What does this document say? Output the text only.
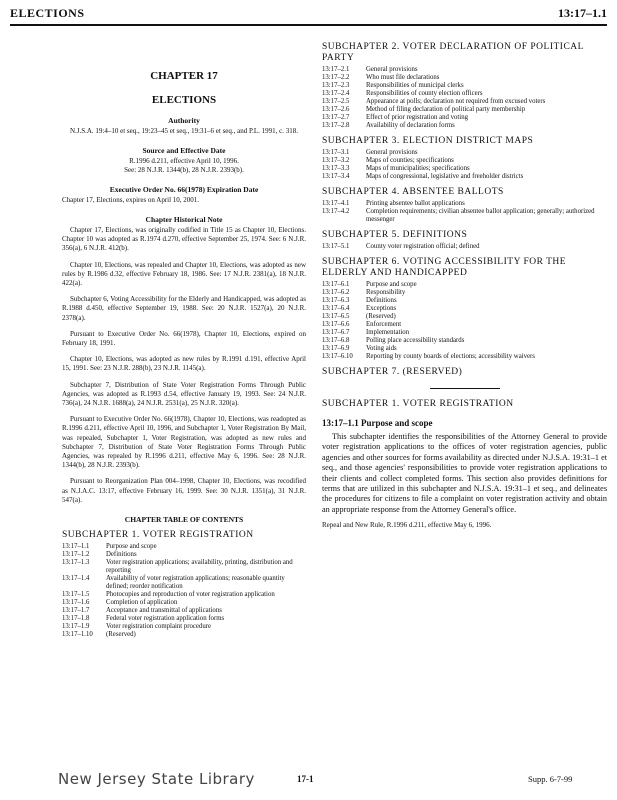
ELECTIONS	13:17–1.1

CHAPTER 17

ELECTIONS

Authority

N.J.S.A. 19:4–10 et seq., 19:23–45 et seq., 19:31–6 et seq., and P.L. 1991, c. 318.

Source and Effective Date

R.1996 d.211, effective April 10, 1996.

See: 28 N.J.R. 1344(b), 28 N.J.R. 2393(b).

Executive Order No. 66(1978) Expiration Date

Chapter 17, Elections, expires on April 10, 2001.

Chapter Historical Note

Chapter 17, Elections, was originally codified in Title 15 as Chapter 10, Elections. Chapter 10 was adopted as R.1974 d.270, effective September 25, 1974. See: 6 N.J.R. 356(a), 6 N.J.R. 412(b).

Chapter 10, Elections, was repealed and Chapter 10, Elections, was adopted as new rules by R.1986 d.32, effective February 18, 1986. See: 17 N.J.R. 2381(a), 18 N.J.R. 422(a).

Subchapter 6, Voting Accessibility for the Elderly and Handicapped, was adopted as R.1988 d.450, effective September 19, 1988. See: 20 N.J.R. 1527(a), 20 N.J.R. 2378(a).

Pursuant to Executive Order No. 66(1978), Chapter 10, Elections, expired on February 18, 1991.

Chapter 10, Elections, was adopted as new rules by R.1991 d.191, effective April 15, 1991. See: 23 N.J.R. 288(b), 23 N.J.R. 1145(a).

Subchapter 7, Distribution of State Voter Registration Forms Through Public Agencies, was adopted as R.1993 d.54, effective January 19, 1993. See: 24 N.J.R. 736(a), 24 N.J.R. 1688(a), 24 N.J.R. 2531(a), 25 N.J.R. 320(a).

Pursuant to Executive Order No. 66(1978), Chapter 10, Elections, was readopted as R.1996 d.211, effective April 10, 1996, and Subchapter 1, Voter Registration By Mail, was repealed, Subchapter 1, Voter Registration, was adopted as new rules and Subchapter 7, Distribution of State Voter Registration Forms Through Public Agencies, was repealed by R.1996 d.211, effective May 6, 1996. See: 28 N.J.R. 1344(b), 28 N.J.R. 2393(b).

Pursuant to Reorganization Plan 004–1998, Chapter 10, Elections, was recodified as N.J.A.C. 13:17, effective February 16, 1999. See: 30 N.J.R. 1351(a), 31 N.J.R. 547(a).

CHAPTER TABLE OF CONTENTS

SUBCHAPTER 1. VOTER REGISTRATION

13:17–1.1	Purpose and scope
13:17–1.2	Definitions
13:17–1.3	Voter registration applications; availability, printing, distribution and reporting
13:17–1.4	Availability of voter registration applications; reasonable quantity defined; reorder notification
13:17–1.5	Photocopies and reproduction of voter registration application
13:17–1.6	Completion of application
13:17–1.7	Acceptance and transmittal of applications
13:17–1.8	Federal voter registration application forms
13:17–1.9	Voter registration complaint procedure
13:17–1.10	(Reserved)

SUBCHAPTER 2. VOTER DECLARATION OF POLITICAL PARTY

13:17–2.1	General provisions
13:17–2.2	Who must file declarations
13:17–2.3	Responsibilities of municipal clerks
13:17–2.4	Responsibilities of county election officers
13:17–2.5	Appearance at polls; declaration not required from excused voters
13:17–2.6	Method of filing declaration of political party membership
13:17–2.7	Effect of prior registration and voting
13:17–2.8	Availability of declaration forms

SUBCHAPTER 3. ELECTION DISTRICT MAPS

13:17–3.1	General provisions
13:17–3.2	Maps of counties; specifications
13:17–3.3	Maps of municipalities; specifications
13:17–3.4	Maps of congressional, legislative and freeholder districts

SUBCHAPTER 4. ABSENTEE BALLOTS

13:17–4.1	Printing absentee ballot applications
13:17–4.2	Completion requirements; civilian absentee ballot application; generally; authorized messenger

SUBCHAPTER 5. DEFINITIONS

13:17–5.1	County voter registration official; defined

SUBCHAPTER 6. VOTING ACCESSIBILITY FOR THE ELDERLY AND HANDICAPPED

13:17–6.1	Purpose and scope
13:17–6.2	Responsibility
13:17–6.3	Definitions
13:17–6.4	Exceptions
13:17–6.5	(Reserved)
13:17–6.6	Enforcement
13:17–6.7	Implementation
13:17–6.8	Polling place accessibility standards
13:17–6.9	Voting aids
13:17–6.10	Reporting by county boards of elections; accessibility waivers

SUBCHAPTER 7. (RESERVED)

SUBCHAPTER 1. VOTER REGISTRATION

13:17–1.1 Purpose and scope

This subchapter identifies the responsibilities of the Attorney General to provide voter registration applications to the offices of voter registration agencies, public agencies and other sources for forms availability as directed under N.J.S.A. 19:31–1 et seq., and those agencies' responsibilities to provide voter registration applications to their clients and collect completed forms. This section also provides definitions for terms that are utilized in this subchapter and N.J.S.A. 19:31–1 et seq., and delineates the procedures for citizens to file a complaint on voter registration activity and obtain an appropriate response from the Attorney General's office.

Repeal and New Rule, R.1996 d.211, effective May 6, 1996.

New Jersey State Library	17-1	Supp. 6-7-99
